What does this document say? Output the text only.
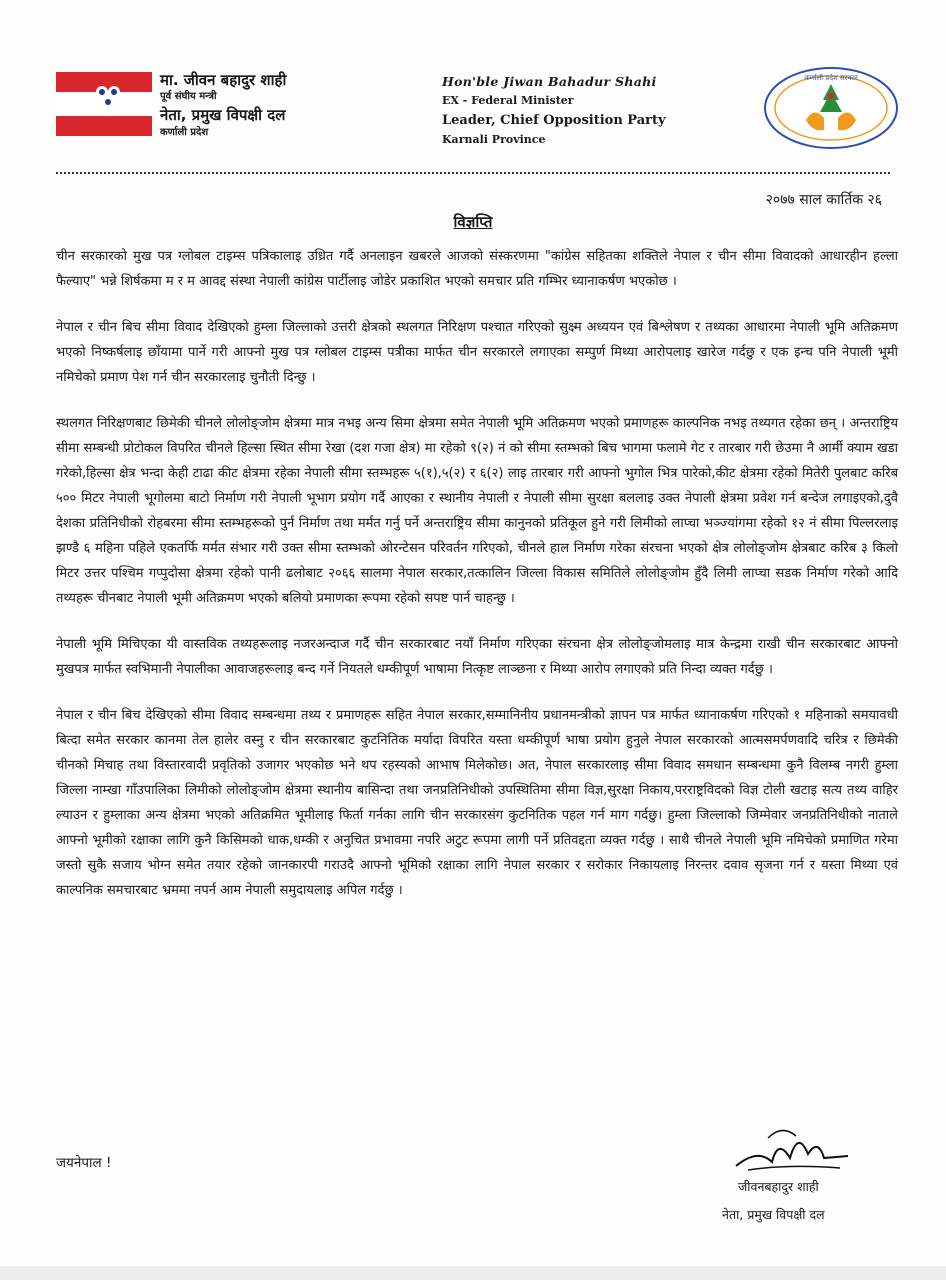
मा. जीवन बहादुर शाही
पूर्व संघीय मन्त्री
नेता, प्रमुख विपक्षी दल
कर्णाली प्रदेश
Hon'ble Jiwan Bahadur Shahi
EX - Federal Minister
Leader, Chief Opposition Party
Karnali Province
कर्णाली प्रदेश सरकार
२०७७ साल कार्तिक २६
विज्ञप्ति

चीन सरकारको मुख पत्र ग्लोबल टाइम्स पत्रिकालाइ उध्रित गर्दै अनलाइन खबरले आजको संस्करणमा "कांग्रेस सहितका शक्तिले नेपाल र चीन सीमा विवादको आधारहीन हल्ला फैल्याए" भन्ने शिर्षकमा म र म आवद्द संस्था नेपाली कांग्रेस पार्टीलाइ जोडेर प्रकाशित भएको समचार प्रति गम्भिर ध्यानाकर्षण भएकोछ ।

नेपाल र चीन बिच सीमा विवाद देखिएको हुम्ला जिल्लाको उत्तरी क्षेत्रको स्थलगत निरिक्षण पश्चात गरिएको सुक्ष्म अध्ययन एवं बिश्लेषण र तथ्यका आधारमा नेपाली भूमि अतिक्रमण भएको निष्कर्षलाइ छाँयामा पार्ने गरी आफ्नो मुख पत्र ग्लोबल टाइम्स पत्रीका मार्फत चीन सरकारले लगाएका सम्पुर्ण मिथ्या आरोपलाइ खारेज गर्दछु र एक इन्च पनि नेपाली भूमी नमिचेको प्रमाण पेश गर्न चीन सरकारलाइ चुनौती दिन्छु ।

स्थलगत निरिक्षणबाट छिमेकी चीनले लोलोङ्जोम क्षेत्रमा मात्र नभइ अन्य सिमा क्षेत्रमा समेत नेपाली भूमि अतिक्रमण भएको प्रमाणहरू काल्पनिक नभइ तथ्यगत रहेका छन् । अन्तराष्ट्रिय सीमा सम्बन्धी प्रोटोकल विपरित चीनले हिल्सा स्थित सीमा रेखा (दश गजा क्षेत्र) मा रहेको ९(२) नं को सीमा स्तम्भको बिच भागमा फलामे गेट र तारबार गरी छेउमा नै आर्मी क्याम खडा गरेको,हिल्सा क्षेत्र भन्दा केही टाढा कीट क्षेत्रमा रहेका नेपाली सीमा स्तम्भहरू ५(१),५(२) र ६(२) लाइ तारबार गरी आफ्नो भुगोल भित्र पारेको,कीट क्षेत्रमा रहेको मितेरी पुलबाट करिब ५०० मिटर नेपाली भूगोलमा बाटो निर्माण गरी नेपाली भूभाग प्रयोग गर्दै आएका र स्थानीय नेपाली र नेपाली सीमा सुरक्षा बललाइ उक्त नेपाली क्षेत्रमा प्रवेश गर्न बन्देज लगाइएको,दुवै देशका प्रतिनिधीको रोहबरमा सीमा स्तम्भहरूको पुर्न निर्माण तथा मर्मत गर्नु पर्ने अन्तराष्ट्रिय सीमा कानुनको प्रतिकूल हुने गरी लिमीको लाप्चा भञ्ज्यांगमा रहेको १२ नं सीमा पिल्लरलाइ झण्डै ६ महिना पहिले एकतर्फि मर्मत संभार गरी उक्त सीमा स्तम्भको ओरन्टेसन परिवर्तन गरिएको, चीनले हाल निर्माण गरेका संरचना भएको क्षेत्र लोलोङ्जोम क्षेत्रबाट करिब ३ किलो मिटर उत्तर पश्चिम गप्पुदोसा क्षेत्रमा रहेको पानी ढलोबाट २०६६ सालमा नेपाल सरकार,तत्कालिन जिल्ला विकास समितिले लोलोङ्जोम हुँदै लिमी लाप्चा सडक निर्माण गरेको आदि तथ्यहरू चीनबाट नेपाली भूमी अतिक्रमण भएको बलियो प्रमाणका रूपमा रहेको सपष्ट पार्न चाहन्छु ।

नेपाली भूमि मिचिएका यी वास्तविक तथ्यहरूलाइ नजरअन्दाज गर्दै चीन सरकारबाट नयाँ निर्माण गरिएका संरचना क्षेत्र लोलोङ्जोमलाइ मात्र केन्द्रमा राखी चीन सरकारबाट आफ्नो मुखपत्र मार्फत स्वभिमानी नेपालीका आवाजहरूलाइ बन्द गर्ने नियतले धम्कीपूर्ण भाषामा नित्कृष्ट लाञ्छना र मिथ्या आरोप लगाएको प्रति निन्दा व्यक्त गर्दछु ।

नेपाल र चीन बिच देखिएको सीमा विवाद सम्बन्धमा तथ्य र प्रमाणहरू सहित नेपाल सरकार,सम्मानिनीय प्रधानमन्त्रीको ज्ञापन पत्र मार्फत ध्यानाकर्षण गरिएको १ महिनाको समयावधी बित्दा समेत सरकार कानमा तेल हालेर वस्नु र चीन सरकारबाट कुटनितिक मर्यादा विपरित यस्ता धम्कीपूर्ण भाषा प्रयोग हुनुले नेपाल सरकारको आत्मसमर्पणवादि चरित्र र छिमेकी चीनको मिचाह तथा विस्तारवादी प्रवृतिको उजागर भएकोछ भने थप रहस्यको आभाष मिलेकोछ। अत, नेपाल सरकारलाइ सीमा विवाद समधान सम्बन्धमा कुनै विलम्ब नगरी हुम्ला जिल्ला नाम्खा गाँउपालिका लिमीको लोलोङ्जोम क्षेत्रमा स्थानीय बासिन्दा तथा जनप्रतिनिधीको उपस्थितिमा सीमा विज्ञ,सुरक्षा निकाय,परराष्ट्रविदको विज्ञ टोली खटाइ सत्य तथ्य वाहिर ल्याउन र हुम्लाका अन्य क्षेत्रमा भएको अतिक्रमित भूमीलाइ फिर्ता गर्नका लागि चीन सरकारसंग कुटनितिक पहल गर्न माग गर्दछु। हुम्ला जिल्लाको जिम्मेवार जनप्रतिनिधीको नाताले आफ्नो भूमीको रक्षाका लागि कुनै किसिमको धाक,धम्की र अनुचित प्रभावमा नपरि अटुट रूपमा लागी पर्ने प्रतिवद्दता व्यक्त गर्दछु । साथै चीनले नेपाली भूमि नमिचेको प्रमाणित गरेमा जस्तो सुकै सजाय भोग्न समेत तयार रहेको जानकारपी गराउदै आफ्नो भूमिको रक्षाका लागि नेपाल सरकार र सरोकार निकायलाइ निरन्तर दवाव सृजना गर्न र यस्ता मिथ्या एवं काल्पनिक समचारबाट भ्रममा नपर्न आम नेपाली समुदायलाइ अपिल गर्दछु ।

जयनेपाल !
जीवनबहादुर शाही
नेता, प्रमुख विपक्षी दल
